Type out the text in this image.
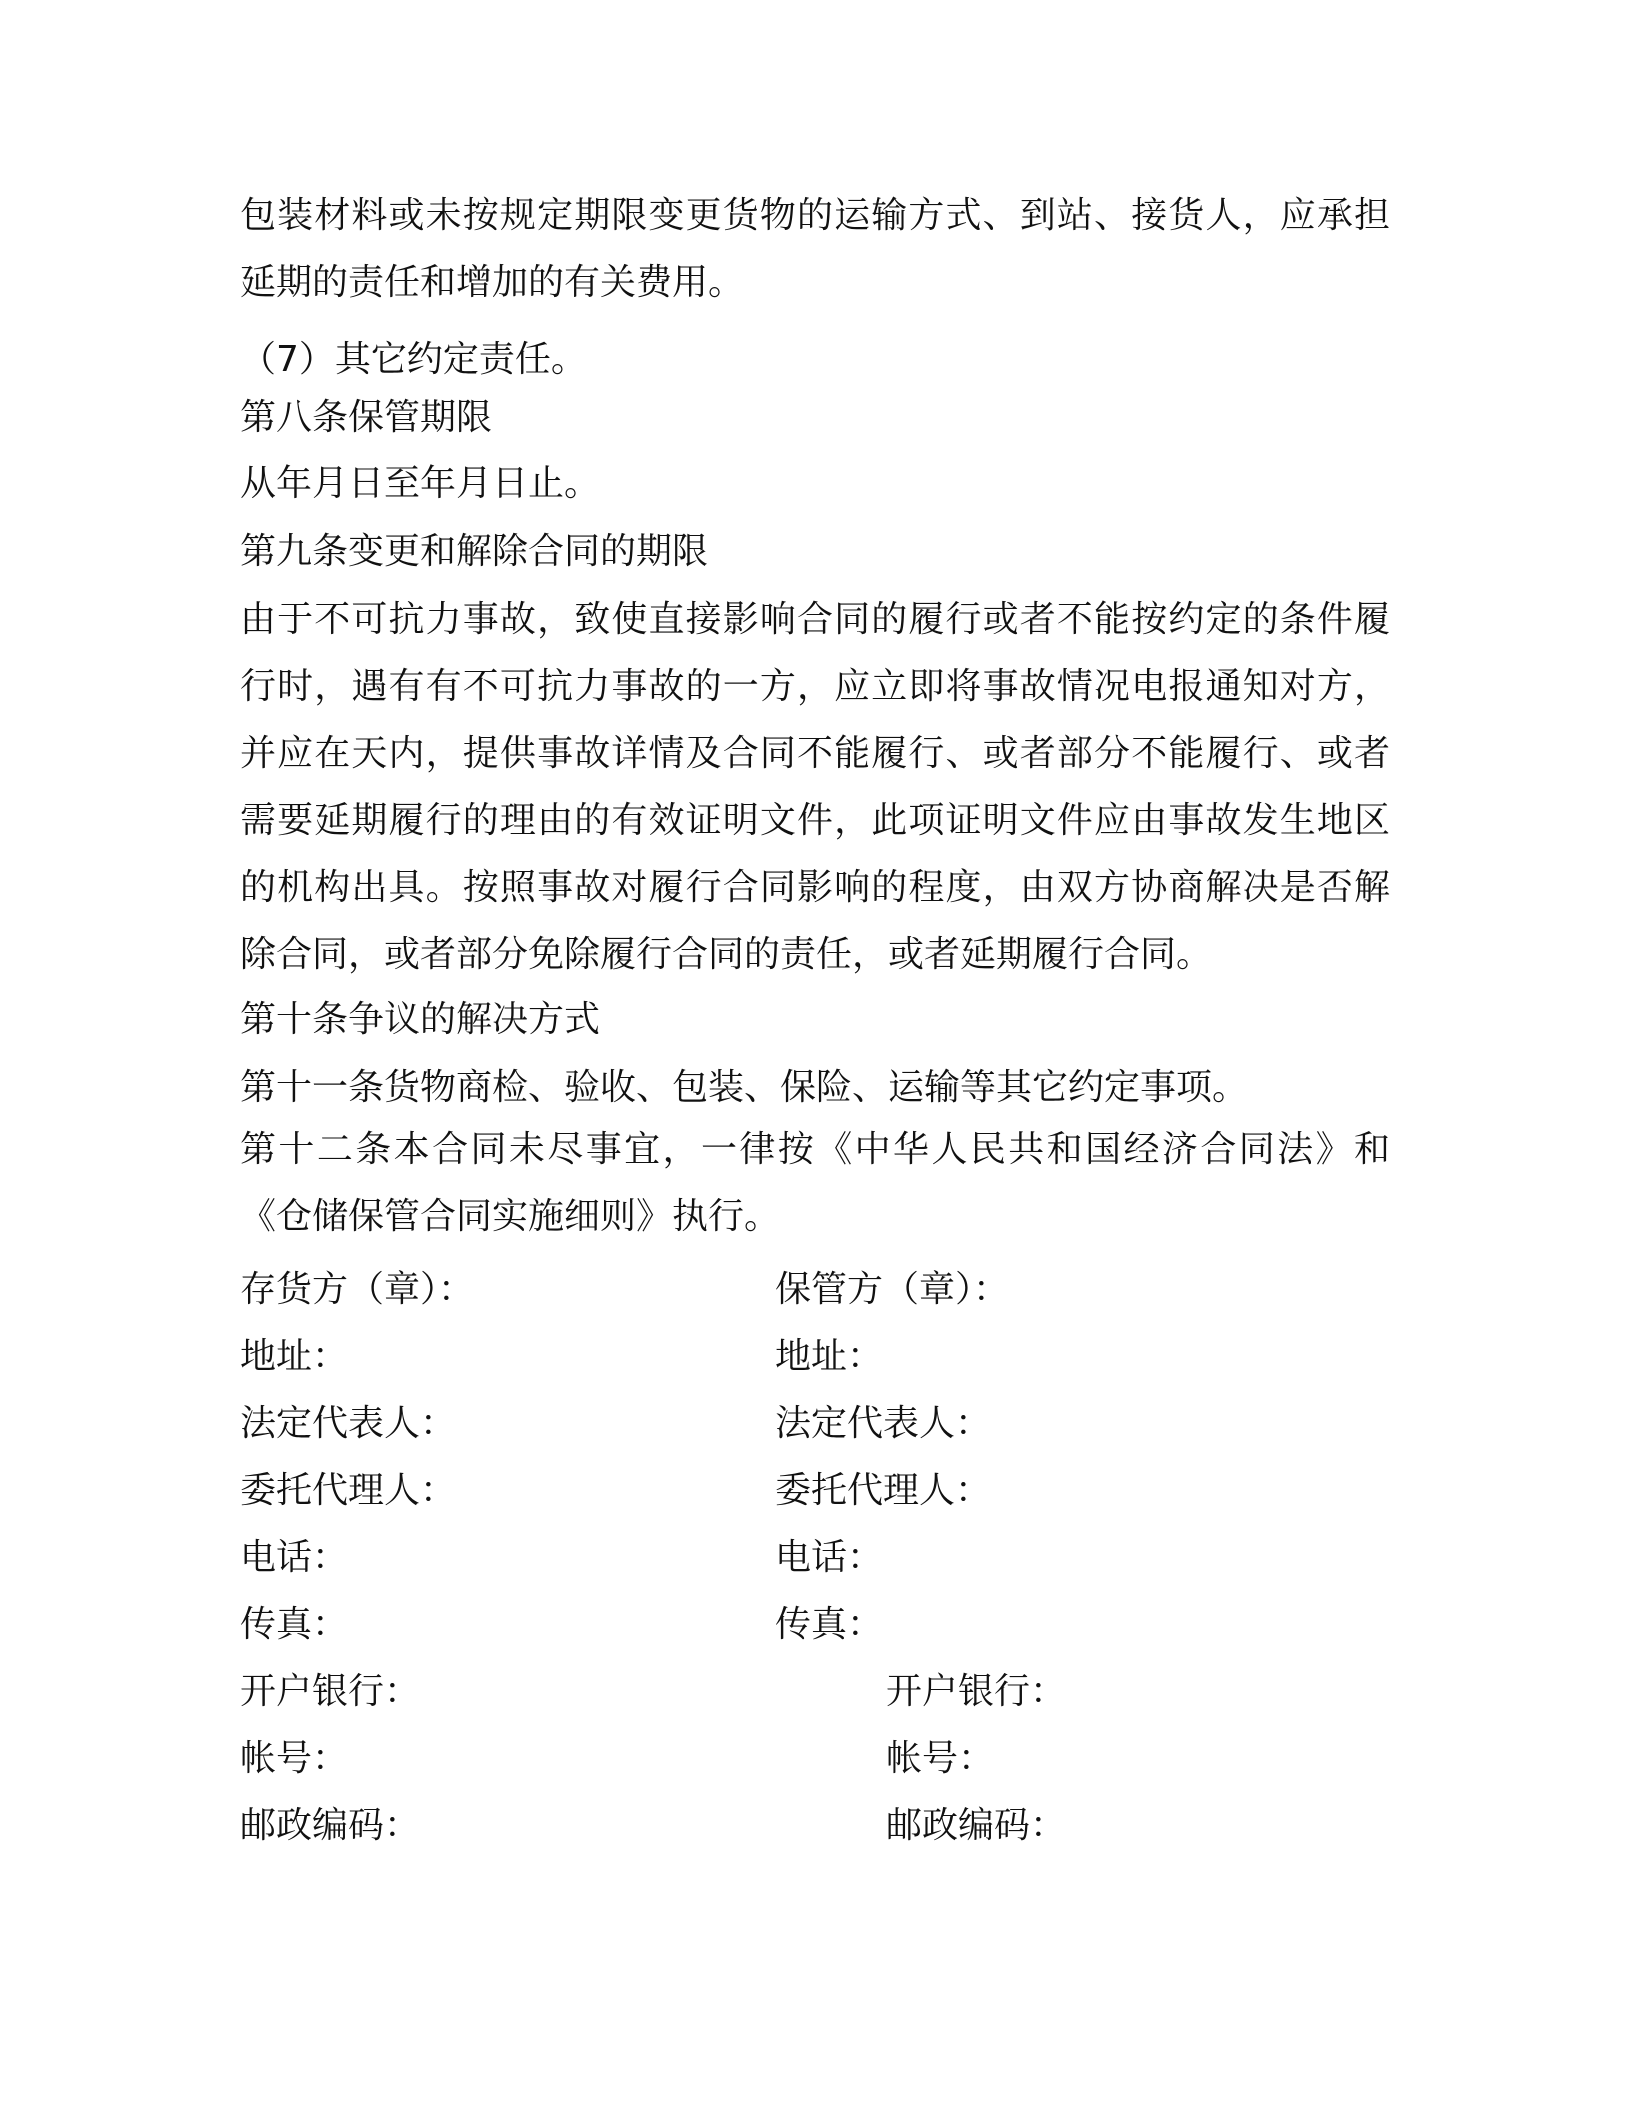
包装材料或未按规定期限变更货物的运输方式、到站、接货人，应承担延期的责任和增加的有关费用。

（7）其它约定责任。
第八条保管期限
从年月日至年月日止。
第九条变更和解除合同的期限

由于不可抗力事故，致使直接影响合同的履行或者不能按约定的条件履行时，遇有有不可抗力事故的一方，应立即将事故情况电报通知对方，并应在天内，提供事故详情及合同不能履行、或者部分不能履行、或者需要延期履行的理由的有效证明文件，此项证明文件应由事故发生地区的机构出具。按照事故对履行合同影响的程度，由双方协商解决是否解除合同，或者部分免除履行合同的责任，或者延期履行合同。

第十条争议的解决方式
第十一条货物商检、验收、包装、保险、运输等其它约定事项。

第十二条本合同未尽事宜，一律按《中华人民共和国经济合同法》和《仓储保管合同实施细则》执行。

存货方（章）：
地址：
法定代表人：
委托代理人：
电话：
传真：
开户银行：
帐号：
邮政编码：
保管方（章）：
地址：
法定代表人：
委托代理人：
电话：
传真：
开户银行：
帐号：
邮政编码：
